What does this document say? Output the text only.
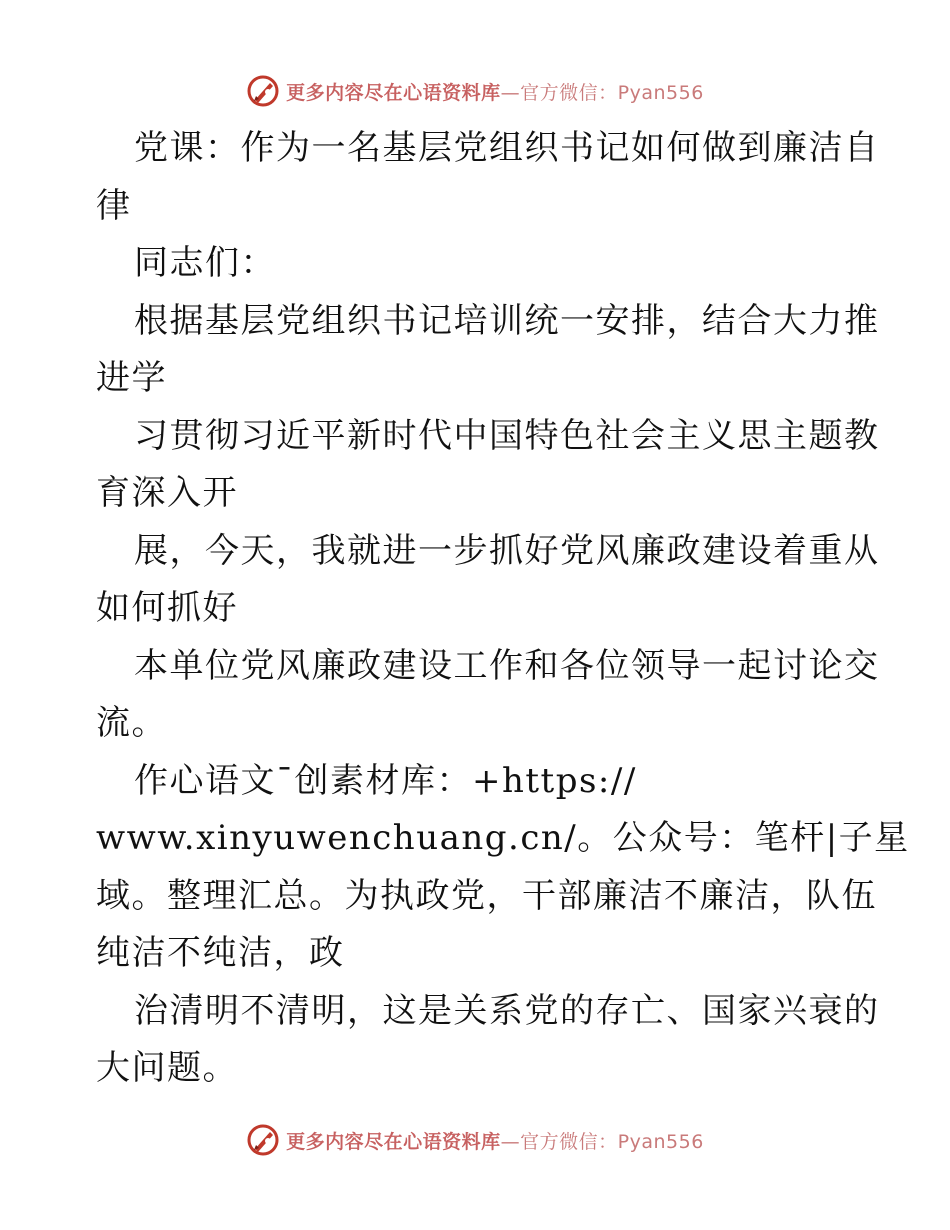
更多内容尽在心语资料库—官方微信：Pyan556
党课：作为一名基层党组织书记如何做到廉洁自
律
同志们：
根据基层党组织书记培训统一安排，结合大力推
进学
习贯彻习近平新时代中国特色社会主义思主题教
育深入开
展，今天，我就进一步抓好党风廉政建设着重从
如何抓好
本单位党风廉政建设工作和各位领导一起讨论交
流。
作心语文¯创素材库：+https://
www.xinyuwenchuang.cn/。公众号：笔杆|子星
域。整理汇总。为执政党，干部廉洁不廉洁，队伍
纯洁不纯洁，政
治清明不清明，这是关系党的存亡、国家兴衰的
大问题。
更多内容尽在心语资料库—官方微信：Pyan556
